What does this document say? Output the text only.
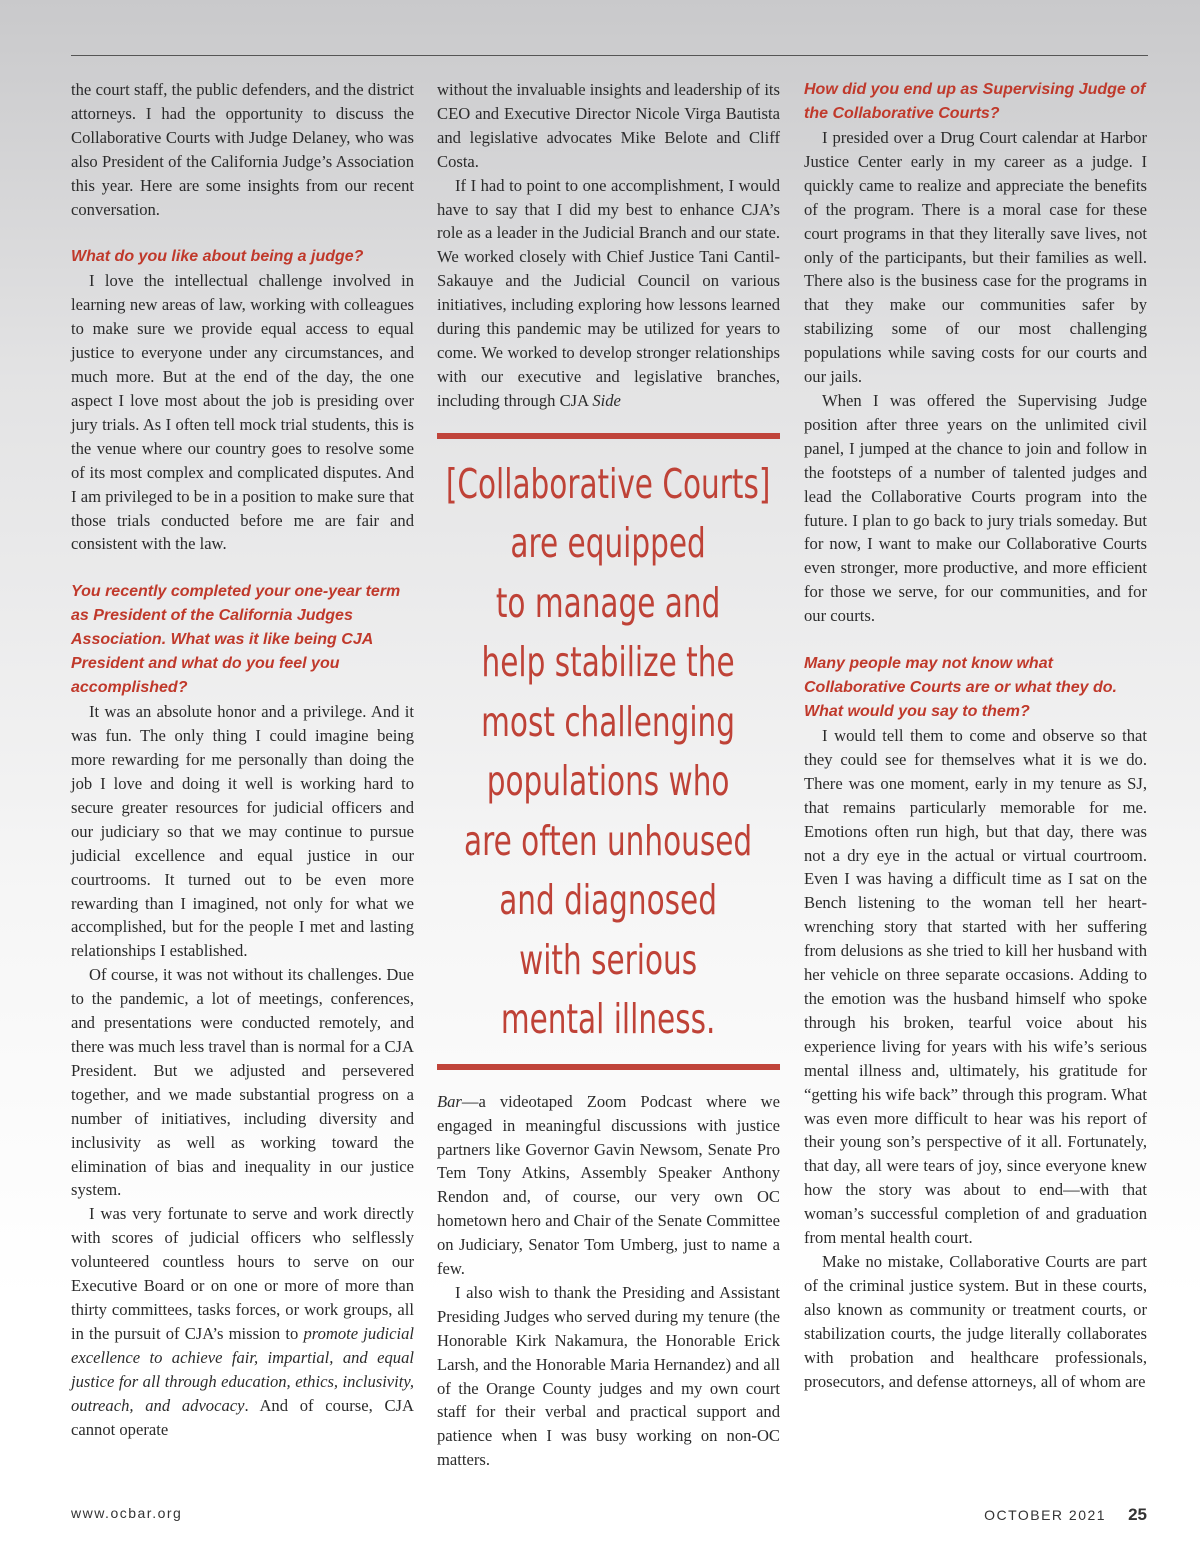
the court staff, the public defenders, and the district attorneys. I had the opportunity to discuss the Collaborative Courts with Judge Delaney, who was also President of the California Judge’s Association this year. Here are some insights from our recent conversation.

What do you like about being a judge?

I love the intellectual challenge involved in learning new areas of law, working with colleagues to make sure we provide equal access to equal justice to everyone under any circumstances, and much more. But at the end of the day, the one aspect I love most about the job is presiding over jury trials. As I often tell mock trial students, this is the venue where our country goes to resolve some of its most complex and complicated disputes. And I am privileged to be in a position to make sure that those trials conducted before me are fair and consistent with the law.

You recently completed your one-year term as President of the California Judges Association. What was it like being CJA President and what do you feel you accomplished?

It was an absolute honor and a privilege. And it was fun. The only thing I could imagine being more rewarding for me personally than doing the job I love and doing it well is working hard to secure greater resources for judicial officers and our judiciary so that we may continue to pursue judicial excellence and equal justice in our courtrooms. It turned out to be even more rewarding than I imagined, not only for what we accomplished, but for the people I met and lasting relationships I established.

Of course, it was not without its challenges. Due to the pandemic, a lot of meetings, conferences, and presentations were conducted remotely, and there was much less travel than is normal for a CJA President. But we adjusted and persevered together, and we made substantial progress on a number of initiatives, including diversity and inclusivity as well as working toward the elimination of bias and inequality in our justice system.

I was very fortunate to serve and work directly with scores of judicial officers who selflessly volunteered countless hours to serve on our Executive Board or on one or more of more than thirty committees, tasks forces, or work groups, all in the pursuit of CJA’s mission to promote judicial excellence to achieve fair, impartial, and equal justice for all through education, ethics, inclusivity, outreach, and advocacy. And of course, CJA cannot operate

without the invaluable insights and leadership of its CEO and Executive Director Nicole Virga Bautista and legislative advocates Mike Belote and Cliff Costa.

If I had to point to one accomplishment, I would have to say that I did my best to enhance CJA’s role as a leader in the Judicial Branch and our state. We worked closely with Chief Justice Tani Cantil-Sakauye and the Judicial Council on various initiatives, including exploring how lessons learned during this pandemic may be utilized for years to come. We worked to develop stronger relationships with our executive and legislative branches, including through CJA Side

[Collaborative Courts]
are equipped
to manage and
help stabilize the
most challenging
populations who
are often unhoused
and diagnosed
with serious
mental illness.

Bar—a videotaped Zoom Podcast where we engaged in meaningful discussions with justice partners like Governor Gavin Newsom, Senate Pro Tem Tony Atkins, Assembly Speaker Anthony Rendon and, of course, our very own OC hometown hero and Chair of the Senate Committee on Judiciary, Senator Tom Umberg, just to name a few.

I also wish to thank the Presiding and Assistant Presiding Judges who served during my tenure (the Honorable Kirk Nakamura, the Honorable Erick Larsh, and the Honorable Maria Hernandez) and all of the Orange County judges and my own court staff for their verbal and practical support and patience when I was busy working on non-OC matters.

How did you end up as Supervising Judge of the Collaborative Courts?

I presided over a Drug Court calendar at Harbor Justice Center early in my career as a judge. I quickly came to realize and appreciate the benefits of the program. There is a moral case for these court programs in that they literally save lives, not only of the participants, but their families as well. There also is the business case for the programs in that they make our communities safer by stabilizing some of our most challenging populations while saving costs for our courts and our jails.

When I was offered the Supervising Judge position after three years on the unlimited civil panel, I jumped at the chance to join and follow in the footsteps of a number of talented judges and lead the Collaborative Courts program into the future. I plan to go back to jury trials someday. But for now, I want to make our Collaborative Courts even stronger, more productive, and more efficient for those we serve, for our communities, and for our courts.

Many people may not know what Collaborative Courts are or what they do. What would you say to them?

I would tell them to come and observe so that they could see for themselves what it is we do. There was one moment, early in my tenure as SJ, that remains particularly memorable for me. Emotions often run high, but that day, there was not a dry eye in the actual or virtual courtroom. Even I was having a difficult time as I sat on the Bench listening to the woman tell her heart-wrenching story that started with her suffering from delusions as she tried to kill her husband with her vehicle on three separate occasions. Adding to the emotion was the husband himself who spoke through his broken, tearful voice about his experience living for years with his wife’s serious mental illness and, ultimately, his gratitude for “getting his wife back” through this program. What was even more difficult to hear was his report of their young son’s perspective of it all. Fortunately, that day, all were tears of joy, since everyone knew how the story was about to end—with that woman’s successful completion of and graduation from mental health court.

Make no mistake, Collaborative Courts are part of the criminal justice system. But in these courts, also known as community or treatment courts, or stabilization courts, the judge literally collaborates with probation and healthcare professionals, prosecutors, and defense attorneys, all of whom are

www.ocbar.org	OCTOBER 2021 25
